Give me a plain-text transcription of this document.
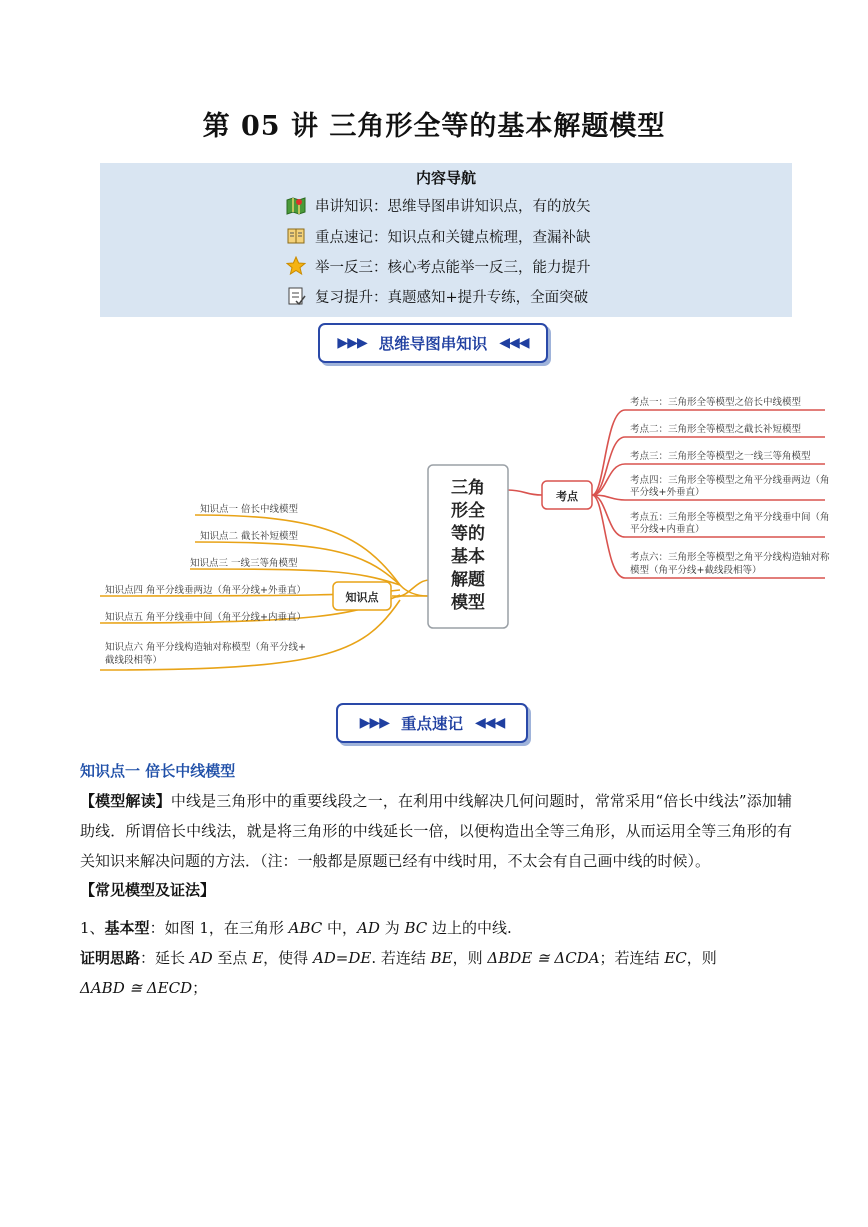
第 05 讲 三角形全等的基本解题模型
内容导航
串讲知识：思维导图串讲知识点，有的放矢
重点速记：知识点和关键点梳理，查漏补缺
举一反三：核心考点能举一反三，能力提升
复习提升：真题感知+提升专练，全面突破
▶▶▶ 思维导图串知识 ◀◀◀
三角
形全
等的
基本
解题
模型
知识点
考点
知识点一 倍长中线模型
知识点二 截长补短模型
知识点三 一线三等角模型
知识点四 角平分线垂两边（角平分线+外垂直）
知识点五 角平分线垂中间（角平分线+内垂直）
知识点六 角平分线构造轴对称模型（角平分线+
截线段相等）
考点一：三角形全等模型之倍长中线模型
考点二：三角形全等模型之截长补短模型
考点三：三角形全等模型之一线三等角模型
考点四：三角形全等模型之角平分线垂两边（角
平分线+外垂直）
考点五：三角形全等模型之角平分线垂中间（角
平分线+内垂直）
考点六：三角形全等模型之角平分线构造轴对称
模型（角平分线+截线段相等）
▶▶▶ 重点速记 ◀◀◀
知识点一 倍长中线模型
【模型解读】中线是三角形中的重要线段之一，在利用中线解决几何问题时，常常采用“倍长中线法”添加辅助线．所谓倍长中线法，就是将三角形的中线延长一倍，以便构造出全等三角形，从而运用全等三角形的有关知识来解决问题的方法．（注：一般都是原题已经有中线时用，不太会有自己画中线的时候）。
【常见模型及证法】
1、基本型：如图 1，在三角形 ABC 中，AD 为 BC 边上的中线.
证明思路：延长 AD 至点 E，使得 AD=DE. 若连结 BE，则 ΔBDE ≅ ΔCDA；若连结 EC，则
ΔABD ≅ ΔECD；
